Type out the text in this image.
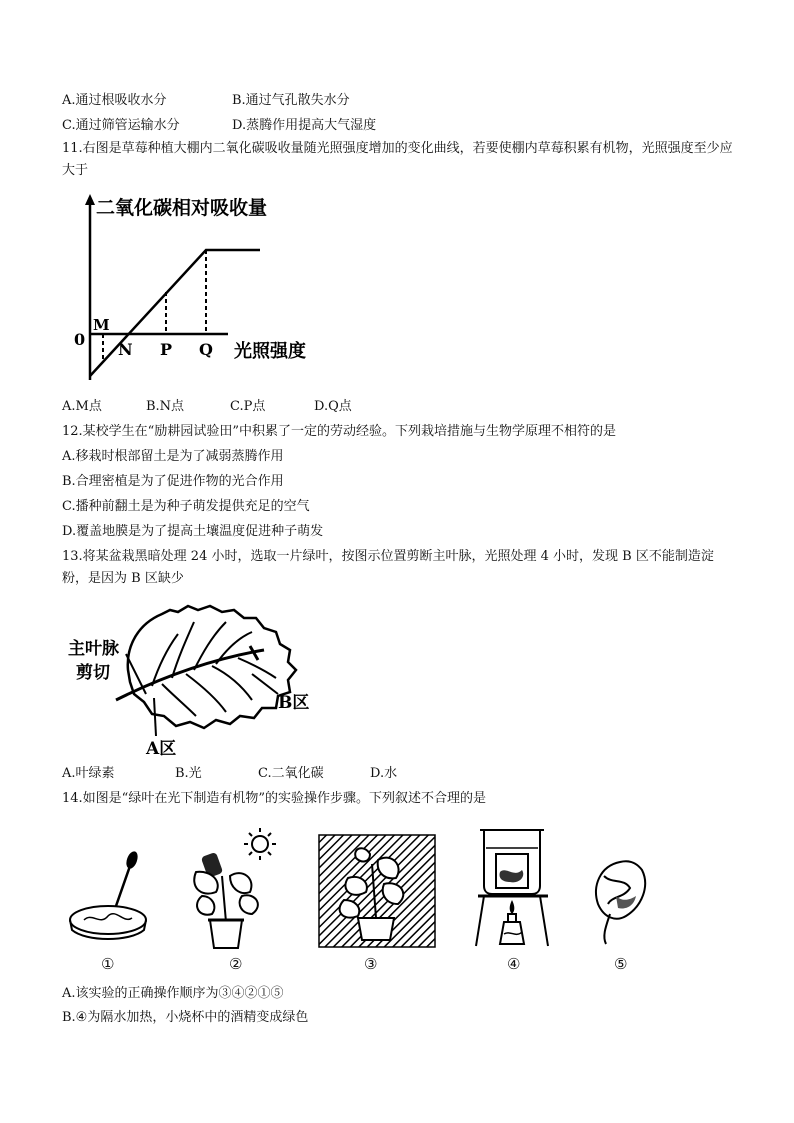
A.通过根吸收水分	B.通过气孔散失水分
C.通过筛管运输水分	D.蒸腾作用提高大气湿度
11.右图是草莓种植大棚内二氧化碳吸收量随光照强度增加的变化曲线，若要使棚内草莓积累有机物，光照强度至少应大于
二氧化碳相对吸收量
光照强度
0
M
N P Q
A.M点	B.N点	C.P点	D.Q点
12.某校学生在“励耕园试验田”中积累了一定的劳动经验。下列栽培措施与生物学原理不相符的是
A.移栽时根部留土是为了减弱蒸腾作用
B.合理密植是为了促进作物的光合作用
C.播种前翻土是为种子萌发提供充足的空气
D.覆盖地膜是为了提高土壤温度促进种子萌发
13.将某盆栽黑暗处理 24 小时，选取一片绿叶，按图示位置剪断主叶脉，光照处理 4 小时，发现 B 区不能制造淀粉，是因为 B 区缺少
主叶脉
剪切
B区
A区
A.叶绿素	B.光	C.二氧化碳	D.水
14.如图是“绿叶在光下制造有机物”的实验操作步骤。下列叙述不合理的是
①	②	③	④	⑤
A.该实验的正确操作顺序为③④②①⑤
B.④为隔水加热，小烧杯中的酒精变成绿色
